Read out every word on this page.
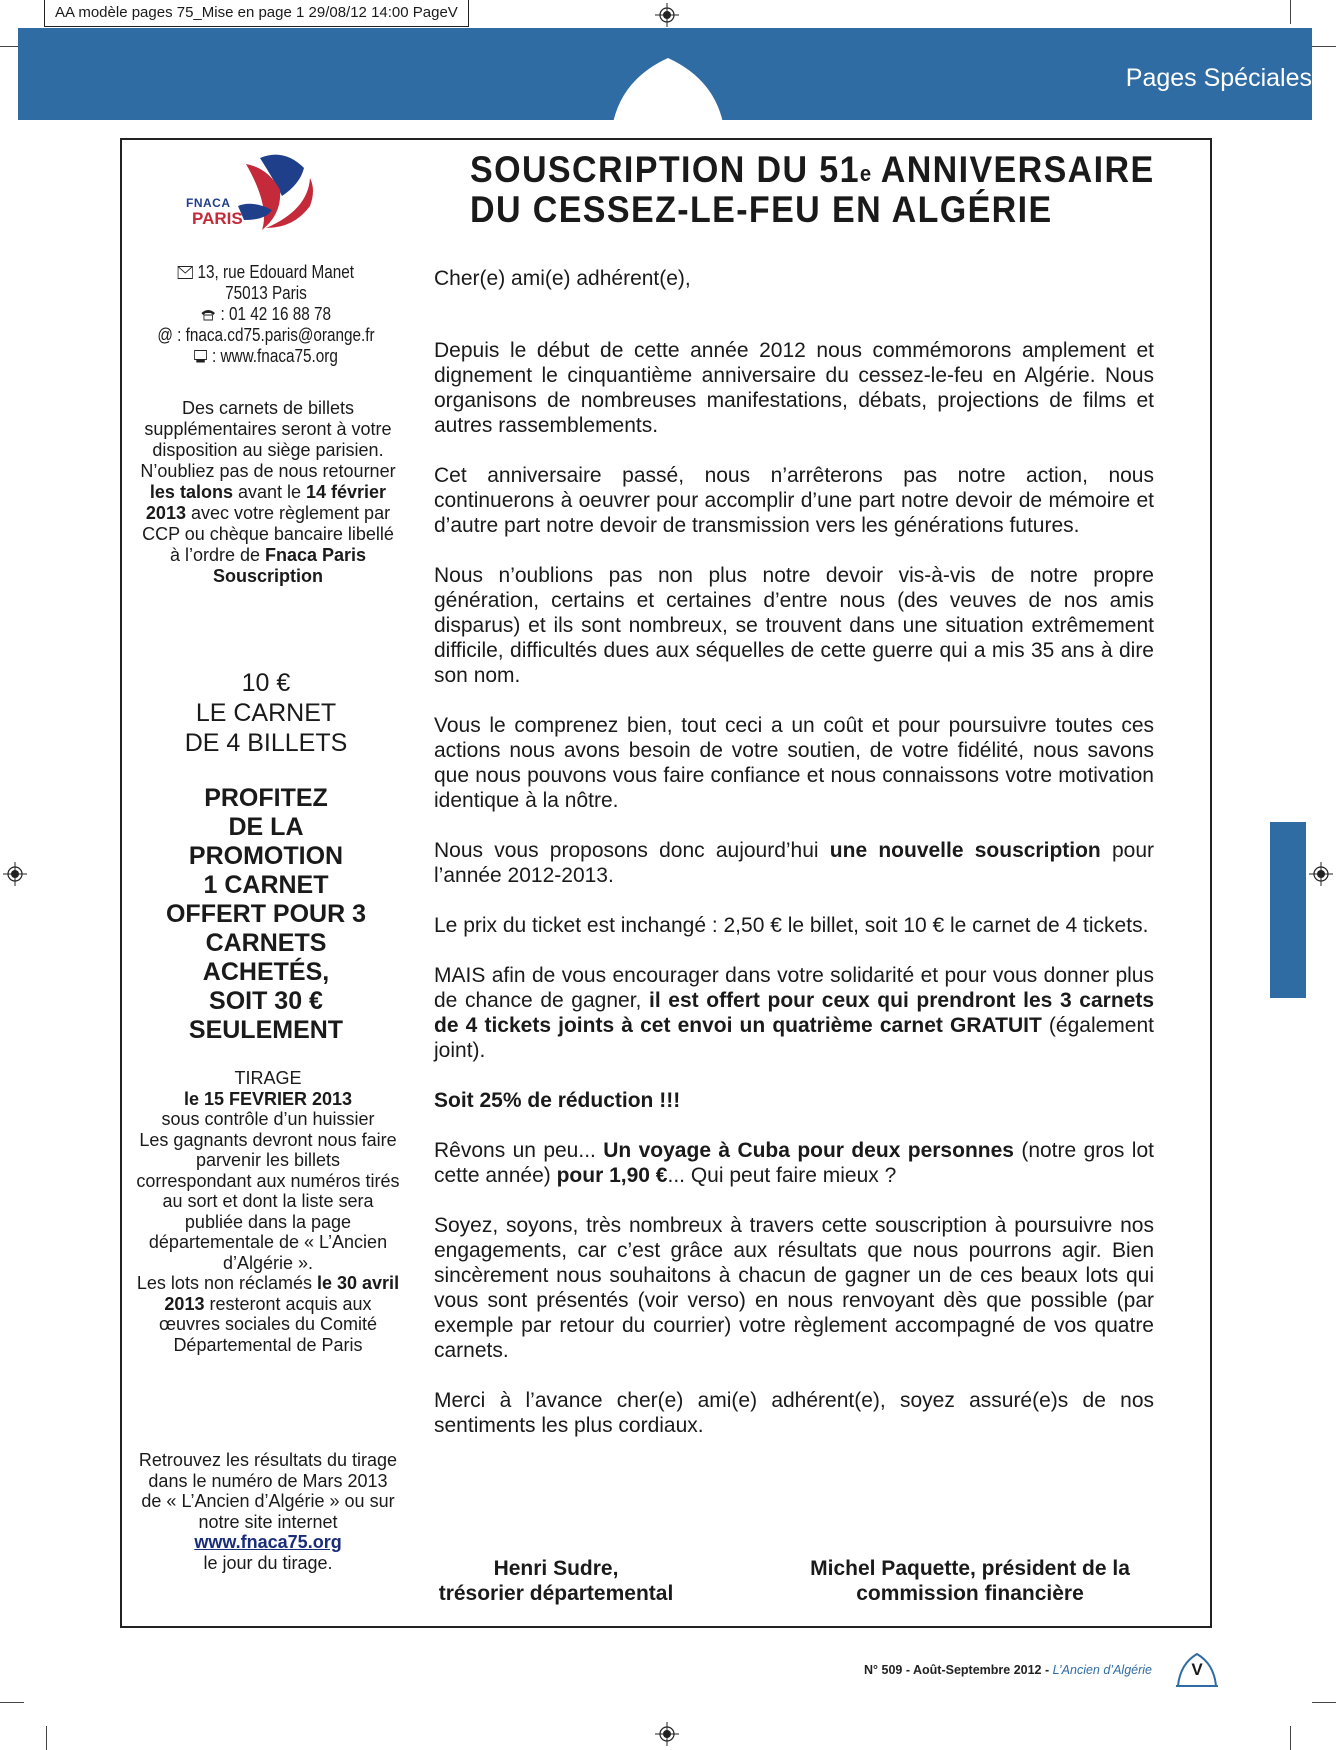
AA modèle pages 75_Mise en page 1 29/08/12 14:00 PageV
Pages Spéciales
FNACA
PARIS
13, rue Edouard Manet
75013 Paris
: 01 42 16 88 78
@ : fnaca.cd75.paris@orange.fr
: www.fnaca75.org
Des carnets de billets supplémentaires seront à votre disposition au siège parisien. N’oubliez pas de nous retourner les talons avant le 14 février 2013 avec votre règlement par CCP ou chèque bancaire libellé à l’ordre de Fnaca Paris Souscription
10 €
LE CARNET
DE 4 BILLETS
PROFITEZ
DE LA
PROMOTION
1 CARNET
OFFERT POUR 3
CARNETS
ACHETÉS,
SOIT 30 €
SEULEMENT
TIRAGE
le 15 FEVRIER 2013
sous contrôle d’un huissier
Les gagnants devront nous faire parvenir les billets correspondant aux numéros tirés au sort et dont la liste sera publiée dans la page départementale de « L’Ancien d’Algérie ».
Les lots non réclamés le 30 avril 2013 resteront acquis aux œuvres sociales du Comité Départemental de Paris
Retrouvez les résultats du tirage dans le numéro de Mars 2013 de « L’Ancien d’Algérie » ou sur notre site internet
www.fnaca75.org
le jour du tirage.
SOUSCRIPTION DU 51e ANNIVERSAIRE
DU CESSEZ-LE-FEU EN ALGÉRIE

Cher(e) ami(e) adhérent(e),

Depuis le début de cette année 2012 nous commémorons amplement et dignement le cinquantième anniversaire du cessez-le-feu en Algérie. Nous organisons de nombreuses manifestations, débats, projections de films et autres rassemblements.

Cet anniversaire passé, nous n’arrêterons pas notre action, nous continuerons à oeuvrer pour accomplir d’une part notre devoir de mémoire et d’autre part notre devoir de transmission vers les générations futures.

Nous n’oublions pas non plus notre devoir vis-à-vis de notre propre génération, certains et certaines d’entre nous (des veuves de nos amis disparus) et ils sont nombreux, se trouvent dans une situation extrêmement difficile, difficultés dues aux séquelles de cette guerre qui a mis 35 ans à dire son nom.

Vous le comprenez bien, tout ceci a un coût et pour poursuivre toutes ces actions nous avons besoin de votre soutien, de votre fidélité, nous savons que nous pouvons vous faire confiance et nous connaissons votre motivation identique à la nôtre.

Nous vous proposons donc aujourd’hui une nouvelle souscription pour l’année 2012-2013.

Le prix du ticket est inchangé : 2,50 € le billet, soit 10 € le carnet de 4 tickets.

MAIS afin de vous encourager dans votre solidarité et pour vous donner plus de chance de gagner, il est offert pour ceux qui prendront les 3 carnets de 4 tickets joints à cet envoi un quatrième carnet GRATUIT (également joint).

Soit 25% de réduction !!!

Rêvons un peu... Un voyage à Cuba pour deux personnes (notre gros lot cette année) pour 1,90 €... Qui peut faire mieux ?

Soyez, soyons, très nombreux à travers cette souscription à poursuivre nos engagements, car c’est grâce aux résultats que nous pourrons agir. Bien sincèrement nous souhaitons à chacun de gagner un de ces beaux lots qui vous sont présentés (voir verso) en nous renvoyant dès que possible (par exemple par retour du courrier) votre règlement accompagné de vos quatre carnets.

Merci à l’avance cher(e) ami(e) adhérent(e), soyez assuré(e)s de nos sentiments les plus cordiaux.

Henri Sudre,
trésorier départemental
Michel Paquette, président de la
commission financière
N° 509 - Août-Septembre 2012 - L’Ancien d’Algérie	V
